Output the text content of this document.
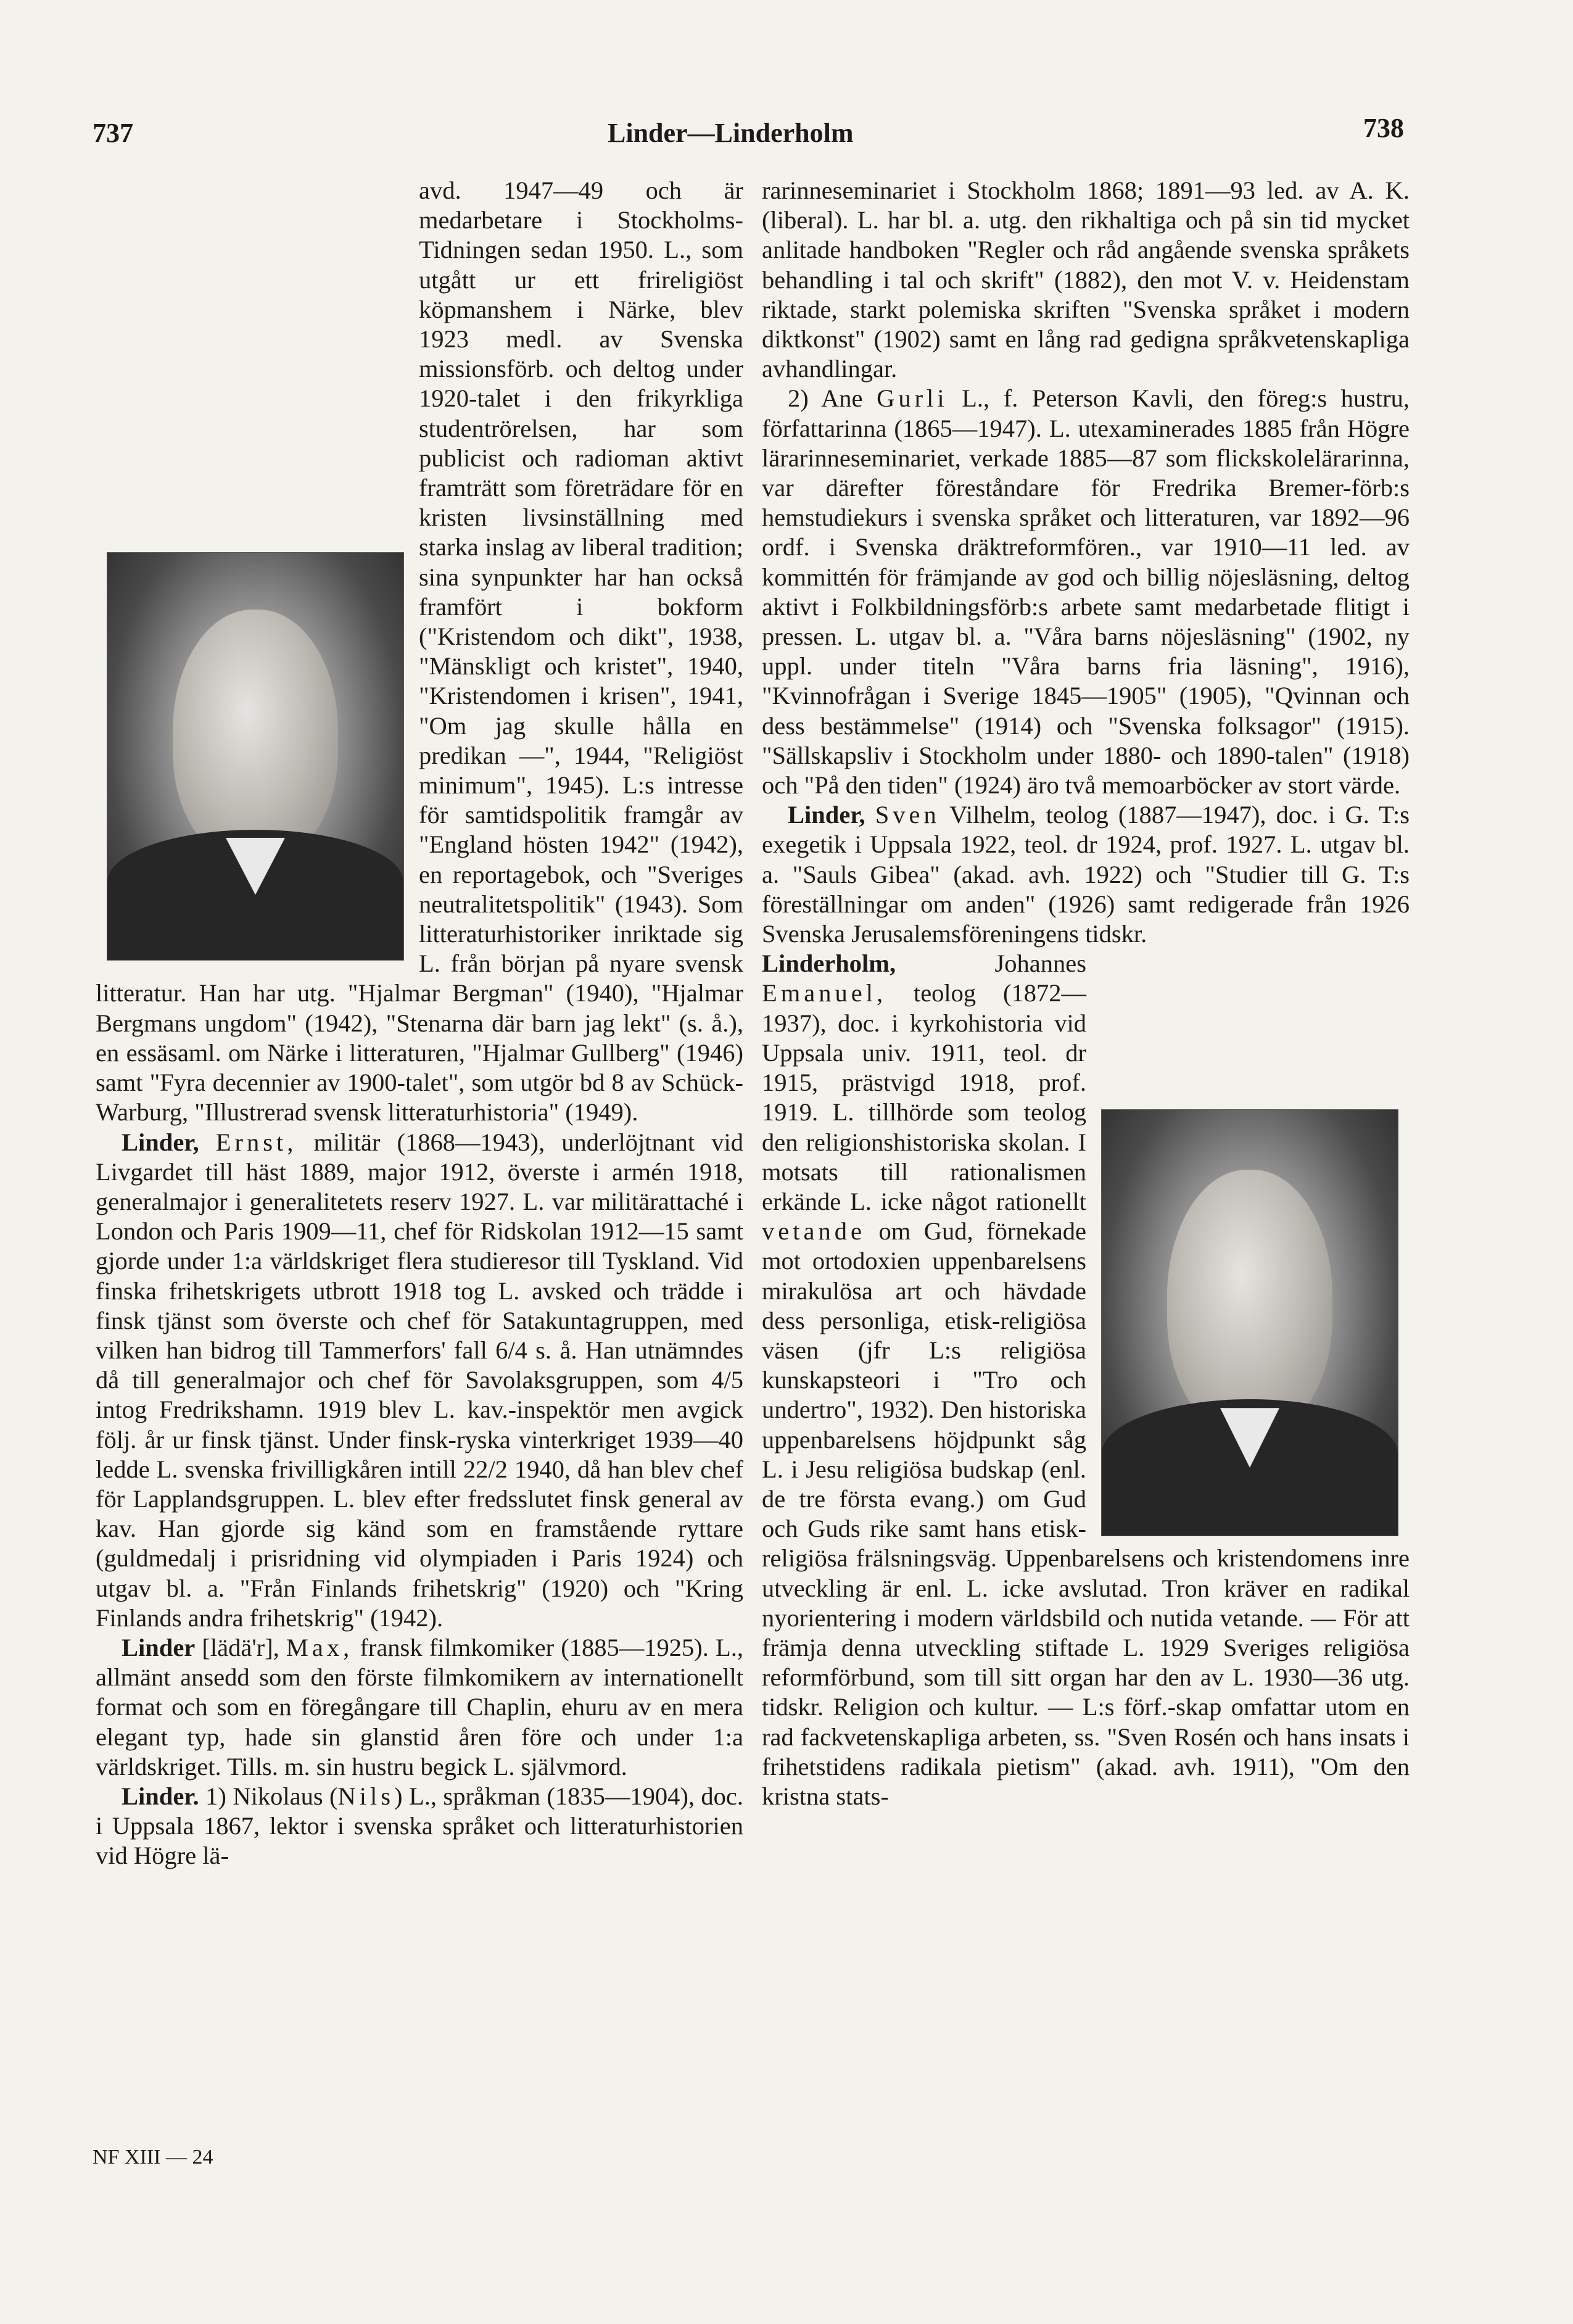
737	Linder—Linderholm	738

avd. 1947—49 och är medarbetare i Stockholms-Tidningen sedan 1950. L., som utgått ur ett frireligiöst köpmanshem i Närke, blev 1923 medl. av Svenska missionsförb. och deltog under 1920-talet i den frikyrkliga studentrörelsen, har som publicist och radioman aktivt framträtt som företrädare för en kristen livsinställning med starka inslag av liberal tradition; sina synpunkter har han också framfört i bokform ("Kristendom och dikt", 1938, "Mänskligt och kristet", 1940, "Kristendomen i krisen", 1941, "Om jag skulle hålla en predikan —", 1944, "Religiöst minimum", 1945). L:s intresse för samtidspolitik framgår av "England hösten 1942" (1942), en reportagebok, och "Sveriges neutralitetspolitik" (1943). Som litteraturhistoriker inriktade sig L. från början på nyare svensk litteratur. Han har utg. "Hjalmar Bergman" (1940), "Hjalmar Bergmans ungdom" (1942), "Stenarna där barn jag lekt" (s. å.), en essäsaml. om Närke i litteraturen, "Hjalmar Gullberg" (1946) samt "Fyra decennier av 1900-talet", som utgör bd 8 av Schück-Warburg, "Illustrerad svensk litteraturhistoria" (1949).

Linder, Ernst, militär (1868—1943), underlöjtnant vid Livgardet till häst 1889, major 1912, överste i armén 1918, generalmajor i generalitetets reserv 1927. L. var militärattaché i London och Paris 1909—11, chef för Ridskolan 1912—15 samt gjorde under 1:a världskriget flera studieresor till Tyskland. Vid finska frihetskrigets utbrott 1918 tog L. avsked och trädde i finsk tjänst som överste och chef för Satakuntagruppen, med vilken han bidrog till Tammerfors' fall 6/4 s. å. Han utnämndes då till generalmajor och chef för Savolaksgruppen, som 4/5 intog Fredrikshamn. 1919 blev L. kav.-inspektör men avgick följ. år ur finsk tjänst. Under finsk-ryska vinterkriget 1939—40 ledde L. svenska frivilligkåren intill 22/2 1940, då han blev chef för Lapplandsgruppen. L. blev efter fredsslutet finsk general av kav. Han gjorde sig känd som en framstående ryttare (guldmedalj i prisridning vid olympiaden i Paris 1924) och utgav bl. a. "Från Finlands frihetskrig" (1920) och "Kring Finlands andra frihetskrig" (1942).

Linder [lädä'r], Max, fransk filmkomiker (1885—1925). L., allmänt ansedd som den förste filmkomikern av internationellt format och som en föregångare till Chaplin, ehuru av en mera elegant typ, hade sin glanstid åren före och under 1:a världskriget. Tills. m. sin hustru begick L. självmord.

Linder. 1) Nikolaus (Nils) L., språkman (1835—1904), doc. i Uppsala 1867, lektor i svenska språket och litteraturhistorien vid Högre lä-

rarinneseminariet i Stockholm 1868; 1891—93 led. av A. K. (liberal). L. har bl. a. utg. den rikhaltiga och på sin tid mycket anlitade handboken "Regler och råd angående svenska språkets behandling i tal och skrift" (1882), den mot V. v. Heidenstam riktade, starkt polemiska skriften "Svenska språket i modern diktkonst" (1902) samt en lång rad gedigna språkvetenskapliga avhandlingar.

2) Ane Gurli L., f. Peterson Kavli, den föreg:s hustru, författarinna (1865—1947). L. utexaminerades 1885 från Högre lärarinneseminariet, verkade 1885—87 som flickskolelärarinna, var därefter föreståndare för Fredrika Bremer-förb:s hemstudiekurs i svenska språket och litteraturen, var 1892—96 ordf. i Svenska dräktreformfören., var 1910—11 led. av kommittén för främjande av god och billig nöjesläsning, deltog aktivt i Folkbildningsförb:s arbete samt medarbetade flitigt i pressen. L. utgav bl. a. "Våra barns nöjesläsning" (1902, ny uppl. under titeln "Våra barns fria läsning", 1916), "Kvinnofrågan i Sverige 1845—1905" (1905), "Qvinnan och dess bestämmelse" (1914) och "Svenska folksagor" (1915). "Sällskapsliv i Stockholm under 1880- och 1890-talen" (1918) och "På den tiden" (1924) äro två memoarböcker av stort värde.

Linder, Sven Vilhelm, teolog (1887—1947), doc. i G. T:s exegetik i Uppsala 1922, teol. dr 1924, prof. 1927. L. utgav bl. a. "Sauls Gibea" (akad. avh. 1922) och "Studier till G. T:s föreställningar om anden" (1926) samt redigerade från 1926 Svenska Jerusalemsföreningens tidskr.

Linderholm,	Johannes Emanuel, teolog (1872—1937), doc. i kyrkohistoria vid Uppsala univ. 1911, teol. dr 1915, prästvigd 1918, prof. 1919. L. tillhörde som teolog den religionshistoriska skolan. I motsats till rationalismen erkände L. icke något rationellt vetande om Gud, förnekade mot ortodoxien uppenbarelsens mirakulösa art och hävdade dess personliga, etisk-religiösa väsen (jfr L:s religiösa kunskapsteori i "Tro och undertro", 1932). Den historiska uppenbarelsens höjdpunkt såg L. i Jesu religiösa budskap (enl. de tre första evang.) om Gud och Guds rike samt hans etisk-religiösa frälsningsväg. Uppenbarelsens och kristendomens inre utveckling är enl. L. icke avslutad. Tron kräver en radikal nyorientering i modern världsbild och nutida vetande. — För att främja denna utveckling stiftade L. 1929 Sveriges religiösa reformförbund, som till sitt organ har den av L. 1930—36 utg. tidskr. Religion och kultur. — L:s förf.-skap omfattar utom en rad fackvetenskapliga arbeten, ss. "Sven Rosén och hans insats i frihetstidens radikala pietism" (akad. avh. 1911), "Om den kristna stats-

NF XIII — 24
